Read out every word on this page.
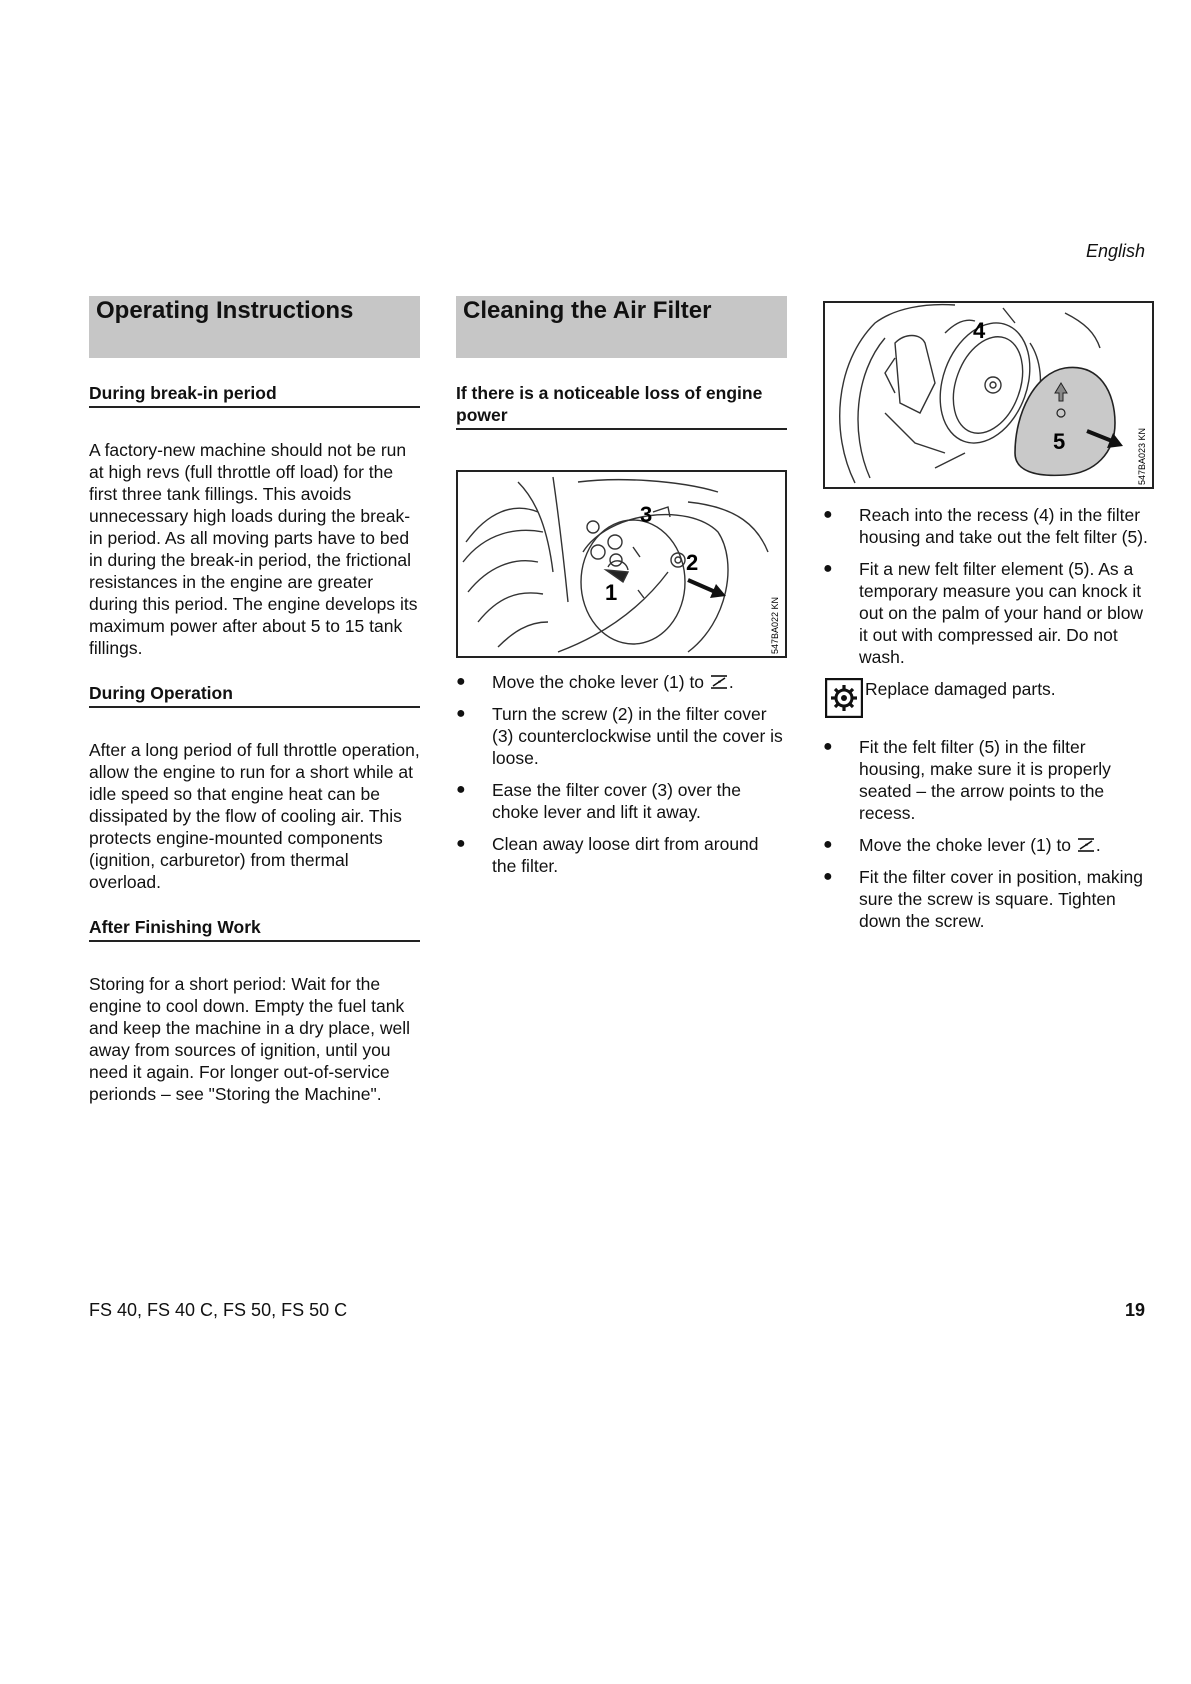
English
Operating Instructions
During break-in period

A factory-new machine should not be run at high revs (full throttle off load) for the first three tank fillings. This avoids unnecessary high loads during the break-in period. As all moving parts have to bed in during the break-in period, the frictional resistances in the engine are greater during this period. The engine develops its maximum power after about 5 to 15 tank fillings.

During Operation

After a long period of full throttle operation, allow the engine to run for a short while at idle speed so that engine heat can be dissipated by the flow of cooling air. This protects engine-mounted components (ignition, carburetor) from thermal overload.

After Finishing Work

Storing for a short period: Wait for the engine to cool down. Empty the fuel tank and keep the machine in a dry place, well away from sources of ignition, until you need it again. For longer out-of-service perionds – see "Storing the Machine".

Cleaning the Air Filter
If there is a noticeable loss of engine power
3
2
1
547BA022 KN
● Move the choke lever (1) to .
● Turn the screw (2) in the filter cover (3) counterclockwise until the cover is loose.
● Ease the filter cover (3) over the choke lever and lift it away.
● Clean away loose dirt from around the filter.
4
5	547BA023 KN
● Reach into the recess (4) in the filter housing and take out the felt filter (5).
● Fit a new felt filter element (5). As a temporary measure you can knock it out on the palm of your hand or blow it out with compressed air. Do not wash.
Replace damaged parts.
● Fit the felt filter (5) in the filter housing, make sure it is properly seated – the arrow points to the recess.
● Move the choke lever (1) to .
● Fit the filter cover in position, making sure the screw is square. Tighten down the screw.
FS 40, FS 40 C, FS 50, FS 50 C	19
